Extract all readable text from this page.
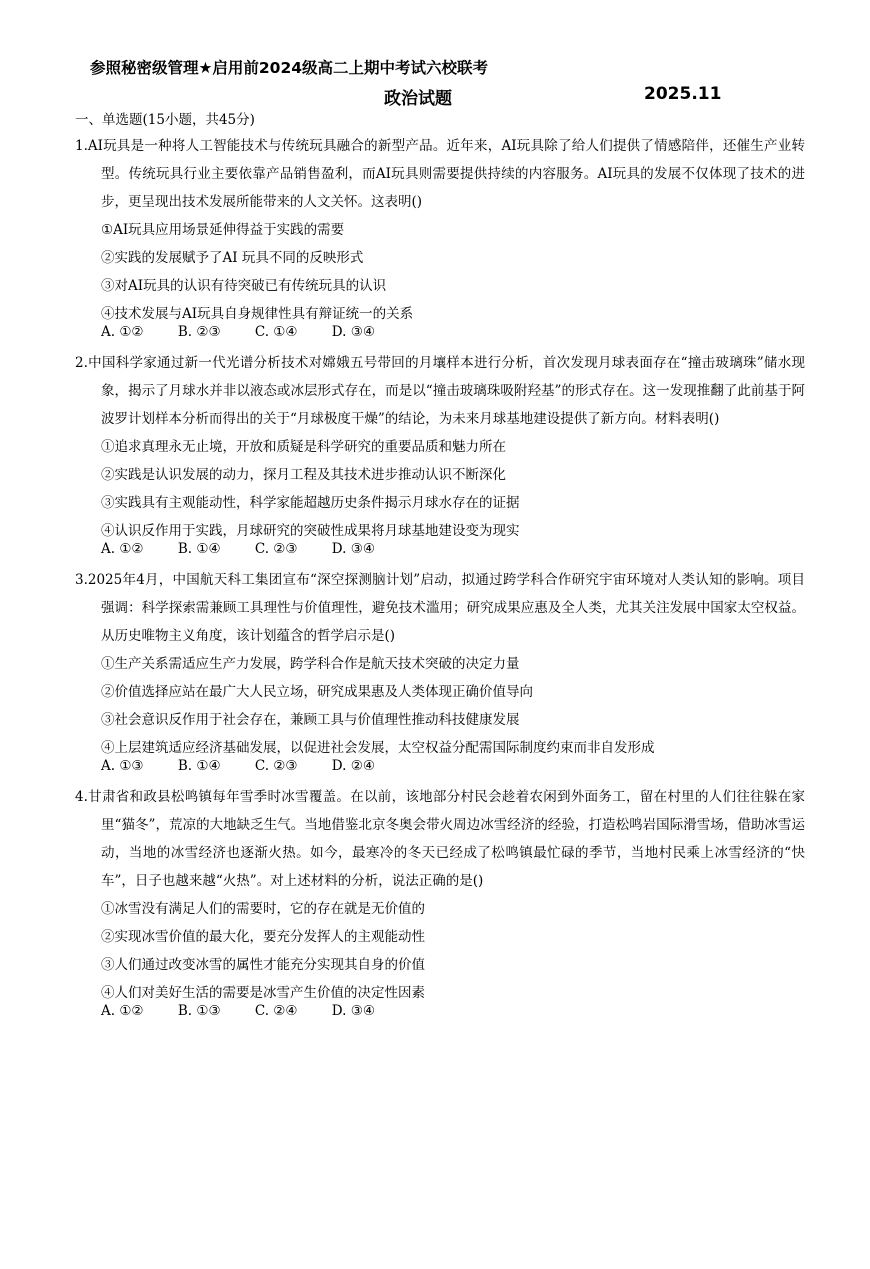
参照秘密级管理★启用前2024级高二上期中考试六校联考
政治试题	2025.11
一、单选题(15小题，共45分)
1.AI玩具是一种将人工智能技术与传统玩具融合的新型产品。近年来，AI玩具除了给人们提供了情感陪伴，还催生产业转型。传统玩具行业主要依靠产品销售盈利，而AI玩具则需要提供持续的内容服务。AI玩具的发展不仅体现了技术的进步，更呈现出技术发展所能带来的人文关怀。这表明()
①AI玩具应用场景延伸得益于实践的需要
②实践的发展赋予了AI 玩具不同的反映形式
③对AI玩具的认识有待突破已有传统玩具的认识
④技术发展与AI玩具自身规律性具有辩证统一的关系
A. ①②	B. ②③	C. ①④	D. ③④
2.中国科学家通过新一代光谱分析技术对嫦娥五号带回的月壤样本进行分析，首次发现月球表面存在“撞击玻璃珠”储水现象，揭示了月球水并非以液态或冰层形式存在，而是以“撞击玻璃珠吸附羟基”的形式存在。这一发现推翻了此前基于阿波罗计划样本分析而得出的关于“月球极度干燥”的结论，为未来月球基地建设提供了新方向。材料表明()
①追求真理永无止境，开放和质疑是科学研究的重要品质和魅力所在
②实践是认识发展的动力，探月工程及其技术进步推动认识不断深化
③实践具有主观能动性，科学家能超越历史条件揭示月球水存在的证据
④认识反作用于实践，月球研究的突破性成果将月球基地建设变为现实
A. ①②	B. ①④	C. ②③	D. ③④
3.2025年4月，中国航天科工集团宣布“深空探测脑计划”启动，拟通过跨学科合作研究宇宙环境对人类认知的影响。项目强调：科学探索需兼顾工具理性与价值理性，避免技术滥用；研究成果应惠及全人类，尤其关注发展中国家太空权益。从历史唯物主义角度，该计划蕴含的哲学启示是()
①生产关系需适应生产力发展，跨学科合作是航天技术突破的决定力量
②价值选择应站在最广大人民立场，研究成果惠及人类体现正确价值导向
③社会意识反作用于社会存在，兼顾工具与价值理性推动科技健康发展
④上层建筑适应经济基础发展，以促进社会发展，太空权益分配需国际制度约束而非自发形成
A. ①③	B. ①④	C. ②③	D. ②④
4.甘肃省和政县松鸣镇每年雪季时冰雪覆盖。在以前，该地部分村民会趁着农闲到外面务工，留在村里的人们往往躲在家里“猫冬”，荒凉的大地缺乏生气。当地借鉴北京冬奥会带火周边冰雪经济的经验，打造松鸣岩国际滑雪场，借助冰雪运动，当地的冰雪经济也逐渐火热。如今，最寒冷的冬天已经成了松鸣镇最忙碌的季节，当地村民乘上冰雪经济的“快车”，日子也越来越“火热”。对上述材料的分析，说法正确的是()
①冰雪没有满足人们的需要时，它的存在就是无价值的
②实现冰雪价值的最大化，要充分发挥人的主观能动性
③人们通过改变冰雪的属性才能充分实现其自身的价值
④人们对美好生活的需要是冰雪产生价值的决定性因素
A. ①②	B. ①③	C. ②④	D. ③④
